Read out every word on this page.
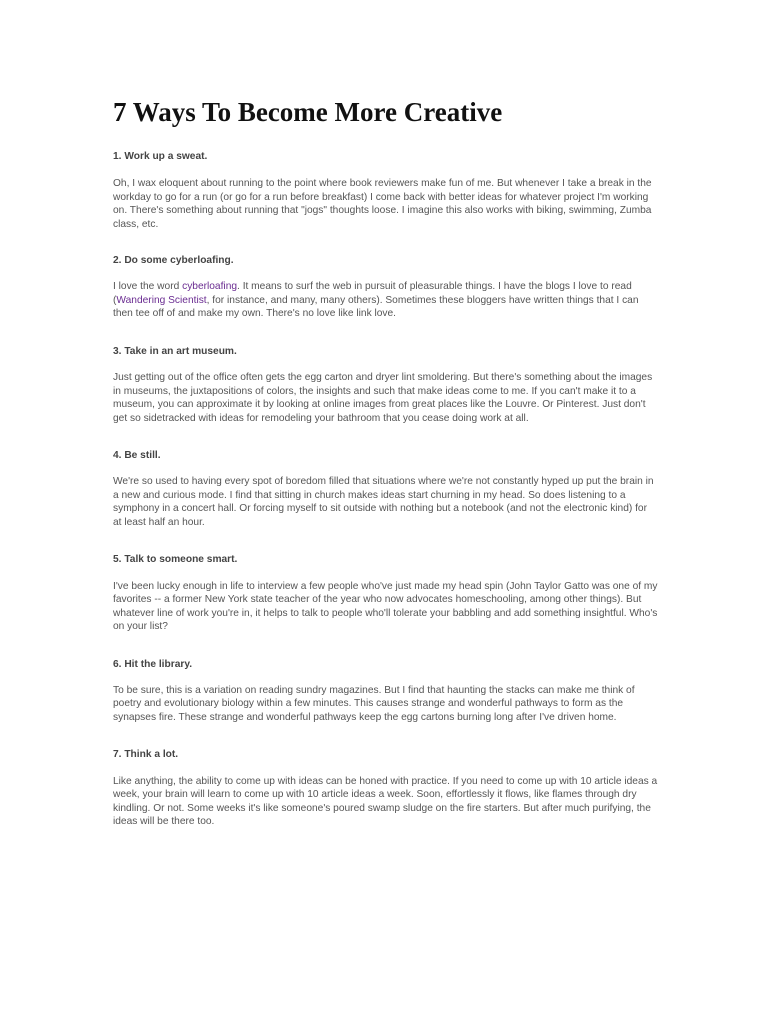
7 Ways To Become More Creative

1. Work up a sweat.

Oh, I wax eloquent about running to the point where book reviewers make fun of me. But whenever I take a break in the workday to go for a run (or go for a run before breakfast) I come back with better ideas for whatever project I'm working on. There's something about running that "jogs" thoughts loose. I imagine this also works with biking, swimming, Zumba class, etc.

2. Do some cyberloafing.

I love the word cyberloafing. It means to surf the web in pursuit of pleasurable things. I have the blogs I love to read (Wandering Scientist, for instance, and many, many others). Sometimes these bloggers have written things that I can then tee off of and make my own. There's no love like link love.

3. Take in an art museum.

Just getting out of the office often gets the egg carton and dryer lint smoldering. But there's something about the images in museums, the juxtapositions of colors, the insights and such that make ideas come to me. If you can't make it to a museum, you can approximate it by looking at online images from great places like the Louvre. Or Pinterest. Just don't get so sidetracked with ideas for remodeling your bathroom that you cease doing work at all.

4. Be still.

We're so used to having every spot of boredom filled that situations where we're not constantly hyped up put the brain in a new and curious mode. I find that sitting in church makes ideas start churning in my head. So does listening to a symphony in a concert hall. Or forcing myself to sit outside with nothing but a notebook (and not the electronic kind) for at least half an hour.

5. Talk to someone smart.

I've been lucky enough in life to interview a few people who've just made my head spin (John Taylor Gatto was one of my favorites -- a former New York state teacher of the year who now advocates homeschooling, among other things). But whatever line of work you're in, it helps to talk to people who'll tolerate your babbling and add something insightful. Who's on your list?

6. Hit the library.

To be sure, this is a variation on reading sundry magazines. But I find that haunting the stacks can make me think of poetry and evolutionary biology within a few minutes. This causes strange and wonderful pathways to form as the synapses fire. These strange and wonderful pathways keep the egg cartons burning long after I've driven home.

7. Think a lot.

Like anything, the ability to come up with ideas can be honed with practice. If you need to come up with 10 article ideas a week, your brain will learn to come up with 10 article ideas a week. Soon, effortlessly it flows, like flames through dry kindling. Or not. Some weeks it's like someone's poured swamp sludge on the fire starters. But after much purifying, the ideas will be there too.
